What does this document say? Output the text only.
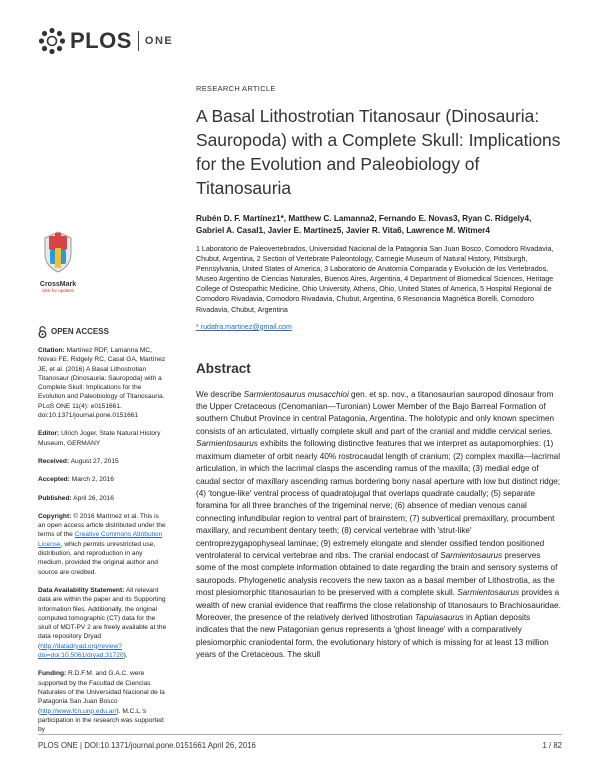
PLOS ONE
CrossMark
click for updates
OPEN ACCESS
Citation: Martínez RDF, Lamanna MC, Novas FE, Ridgely RC, Casal GA, Martínez JE, et al. (2016) A Basal Lithostrotian Titanosaur (Dinosauria: Sauropoda) with a Complete Skull: Implications for the Evolution and Paleobiology of Titanosauria. PLoS ONE 11(4): e0151661. doi:10.1371/journal.pone.0151661
Editor: Ulrich Joger, State Natural History Museum, GERMANY
Received: August 27, 2015
Accepted: March 2, 2016
Published: April 26, 2016
Copyright: © 2016 Martínez et al. This is an open access article distributed under the terms of the Creative Commons Attribution License, which permits unrestricted use, distribution, and reproduction in any medium, provided the original author and source are credited.
Data Availability Statement: All relevant data are within the paper and its Supporting Information files. Additionally, the original computed tomographic (CT) data for the skull of MDT-PV 2 are freely available at the data repository Dryad (http://datadryad.org/review?doi=doi:10.5061/dryad.31720).
Funding: R.D.F.M. and G.A.C. were supported by the Facultad de Ciencias Naturales of the Universidad Nacional de la Patagonia San Juan Bosco (http://www.fcn.unp.edu.ar/). M.C.L.'s participation in the research was supported by
RESEARCH ARTICLE
A Basal Lithostrotian Titanosaur (Dinosauria: Sauropoda) with a Complete Skull: Implications for the Evolution and Paleobiology of Titanosauria
Rubén D. F. Martínez1*, Matthew C. Lamanna2, Fernando E. Novas3, Ryan C. Ridgely4, Gabriel A. Casal1, Javier E. Martínez5, Javier R. Vita6, Lawrence M. Witmer4
1 Laboratorio de Paleovertebrados, Universidad Nacional de la Patagonia San Juan Bosco, Comodoro Rivadavia, Chubut, Argentina, 2 Section of Vertebrate Paleontology, Carnegie Museum of Natural History, Pittsburgh, Pennsylvania, United States of America, 3 Laboratorio de Anatomía Comparada y Evolución de los Vertebrados, Museo Argentino de Ciencias Naturales, Buenos Aires, Argentina, 4 Department of Biomedical Sciences, Heritage College of Osteopathic Medicine, Ohio University, Athens, Ohio, United States of America, 5 Hospital Regional de Comodoro Rivadavia, Comodoro Rivadavia, Chubut, Argentina, 6 Resonancia Magnética Borelli, Comodoro Rivadavia, Chubut, Argentina
* rudafra.martinez@gmail.com
Abstract

We describe Sarmientosaurus musacchioi gen. et sp. nov., a titanosaurian sauropod dinosaur from the Upper Cretaceous (Cenomanian—Turonian) Lower Member of the Bajo Barreal Formation of southern Chubut Province in central Patagonia, Argentina. The holotypic and only known specimen consists of an articulated, virtually complete skull and part of the cranial and middle cervical series. Sarmientosaurus exhibits the following distinctive features that we interpret as autapomorphies: (1) maximum diameter of orbit nearly 40% rostrocaudal length of cranium; (2) complex maxilla—lacrimal articulation, in which the lacrimal clasps the ascending ramus of the maxilla; (3) medial edge of caudal sector of maxillary ascending ramus bordering bony nasal aperture with low but distinct ridge; (4) 'tongue-like' ventral process of quadratojugal that overlaps quadrate caudally; (5) separate foramina for all three branches of the trigeminal nerve; (6) absence of median venous canal connecting infundibular region to ventral part of brainstem; (7) subvertical premaxillary, procumbent maxillary, and recumbent dentary teeth; (8) cervical vertebrae with 'strut-like' centroprezygapophyseal laminae; (9) extremely elongate and slender ossified tendon positioned ventrolateral to cervical vertebrae and ribs. The cranial endocast of Sarmientosaurus preserves some of the most complete information obtained to date regarding the brain and sensory systems of sauropods. Phylogenetic analysis recovers the new taxon as a basal member of Lithostrotia, as the most plesiomorphic titanosaurian to be preserved with a complete skull. Sarmientosaurus provides a wealth of new cranial evidence that reaffirms the close relationship of titanosaurs to Brachiosauridae. Moreover, the presence of the relatively derived lithostrotian Tapuiasaurus in Aptian deposits indicates that the new Patagonian genus represents a 'ghost lineage' with a comparatively plesiomorphic craniodental form, the evolutionary history of which is missing for at least 13 million years of the Cretaceous. The skull

PLOS ONE | DOI:10.1371/journal.pone.0151661 April 26, 2016	1 / 82
